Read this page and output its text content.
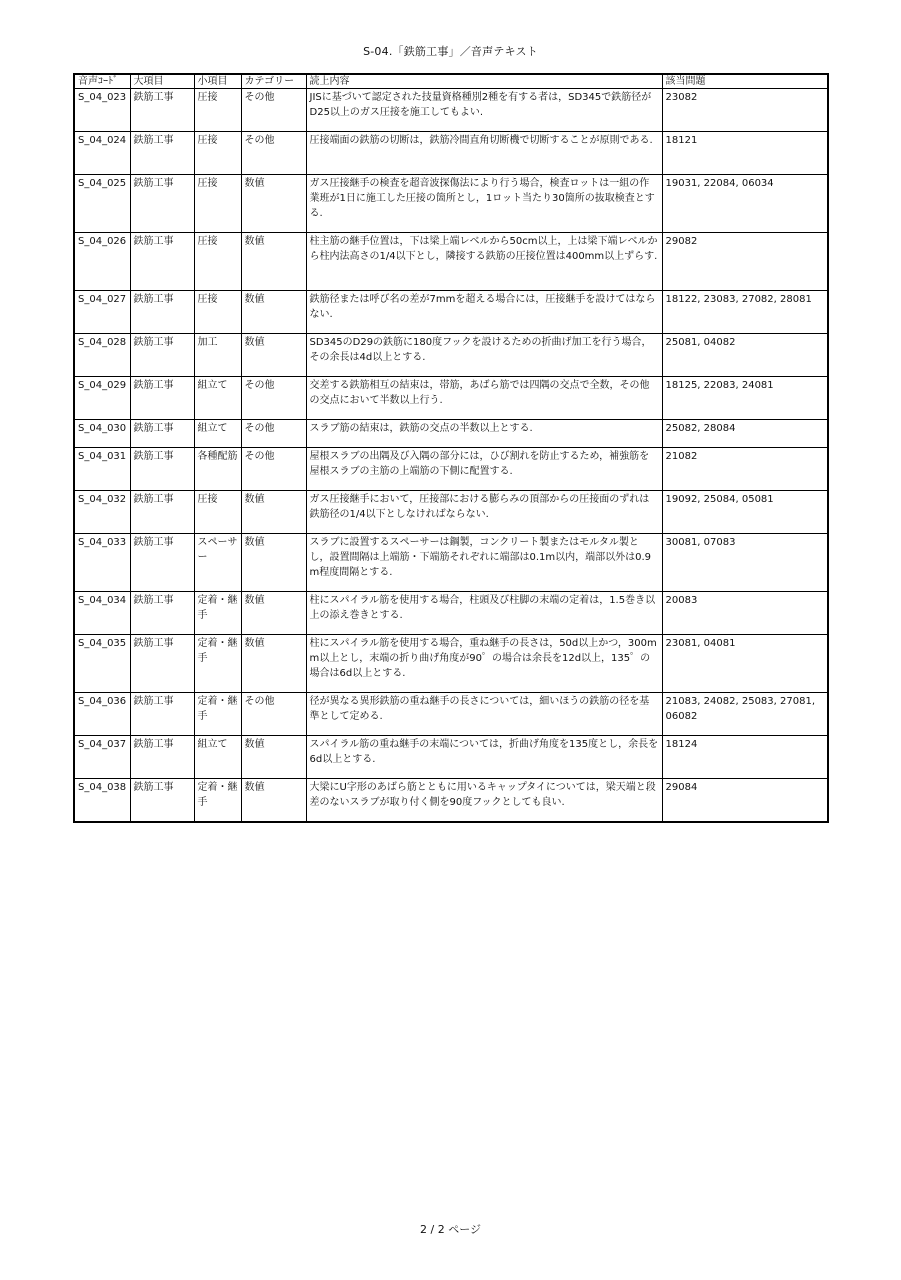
S-04.「鉄筋工事」／音声テキスト
音声ｺｰﾄﾞ	大項目	小項目	カテゴリー	読上内容	該当問題
S_04_023	鉄筋工事	圧接	その他	JISに基づいて認定された技量資格種別2種を有する者は，SD345で鉄筋径がD25以上のガス圧接を施工してもよい.	23082
S_04_024	鉄筋工事	圧接	その他	圧接端面の鉄筋の切断は，鉄筋冷間直角切断機で切断することが原則である.	18121
S_04_025	鉄筋工事	圧接	数値	ガス圧接継手の検査を超音波探傷法により行う場合，検査ロットは一組の作業班が1日に施工した圧接の箇所とし，1ロット当たり30箇所の抜取検査とする.	19031, 22084, 06034
S_04_026	鉄筋工事	圧接	数値	柱主筋の継手位置は，下は梁上端レベルから50cm以上，上は梁下端レベルから柱内法高さの1/4以下とし，隣接する鉄筋の圧接位置は400mm以上ずらす.	29082
S_04_027	鉄筋工事	圧接	数値	鉄筋径または呼び名の差が7mmを超える場合には，圧接継手を設けてはならない.	18122, 23083, 27082, 28081
S_04_028	鉄筋工事	加工	数値	SD345のD29の鉄筋に180度フックを設けるための折曲げ加工を行う場合，その余長は4d以上とする.	25081, 04082
S_04_029	鉄筋工事	組立て	その他	交差する鉄筋相互の結束は，帯筋，あばら筋では四隅の交点で全数，その他の交点において半数以上行う.	18125, 22083, 24081
S_04_030	鉄筋工事	組立て	その他	スラブ筋の結束は，鉄筋の交点の半数以上とする.	25082, 28084
S_04_031	鉄筋工事	各種配筋	その他	屋根スラブの出隅及び入隅の部分には，ひび割れを防止するため，補強筋を屋根スラブの主筋の上端筋の下側に配置する.	21082
S_04_032	鉄筋工事	圧接	数値	ガス圧接継手において，圧接部における膨らみの頂部からの圧接面のずれは鉄筋径の1/4以下としなければならない.	19092, 25084, 05081
S_04_033	鉄筋工事	スペーサー	数値	スラブに設置するスペーサーは鋼製，コンクリート製またはモルタル製とし，設置間隔は上端筋・下端筋それぞれに端部は0.1m以内，端部以外は0.9m程度間隔とする.	30081, 07083
S_04_034	鉄筋工事	定着・継手	数値	柱にスパイラル筋を使用する場合，柱頭及び柱脚の末端の定着は，1.5巻き以上の添え巻きとする.	20083
S_04_035	鉄筋工事	定着・継手	数値	柱にスパイラル筋を使用する場合，重ね継手の長さは，50d以上かつ，300mm以上とし，末端の折り曲げ角度が90゜の場合は余長を12d以上，135゜の場合は6d以上とする.	23081, 04081
S_04_036	鉄筋工事	定着・継手	その他	径が異なる異形鉄筋の重ね継手の長さについては，細いほうの鉄筋の径を基準として定める.	21083, 24082, 25083, 27081, 06082
S_04_037	鉄筋工事	組立て	数値	スパイラル筋の重ね継手の末端については，折曲げ角度を135度とし，余長を6d以上とする.	18124
S_04_038	鉄筋工事	定着・継手	数値	大梁にU字形のあばら筋とともに用いるキャップタイについては，梁天端と段差のないスラブが取り付く側を90度フックとしても良い.	29084
2 / 2 ページ
